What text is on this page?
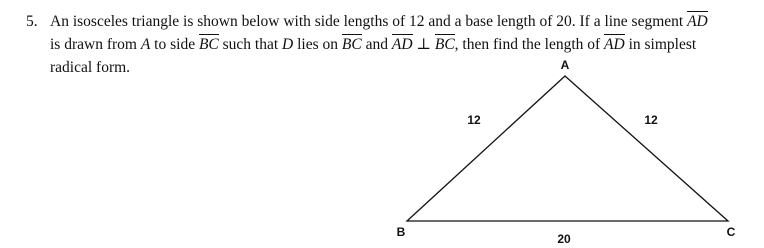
5. An isosceles triangle is shown below with side lengths of 12 and a base length of 20. If a line segment AD
is drawn from A to side BC such that D lies on BC and AD ⊥ BC, then find the length of AD in simplest
radical form.	A
B	C
12	12
20
